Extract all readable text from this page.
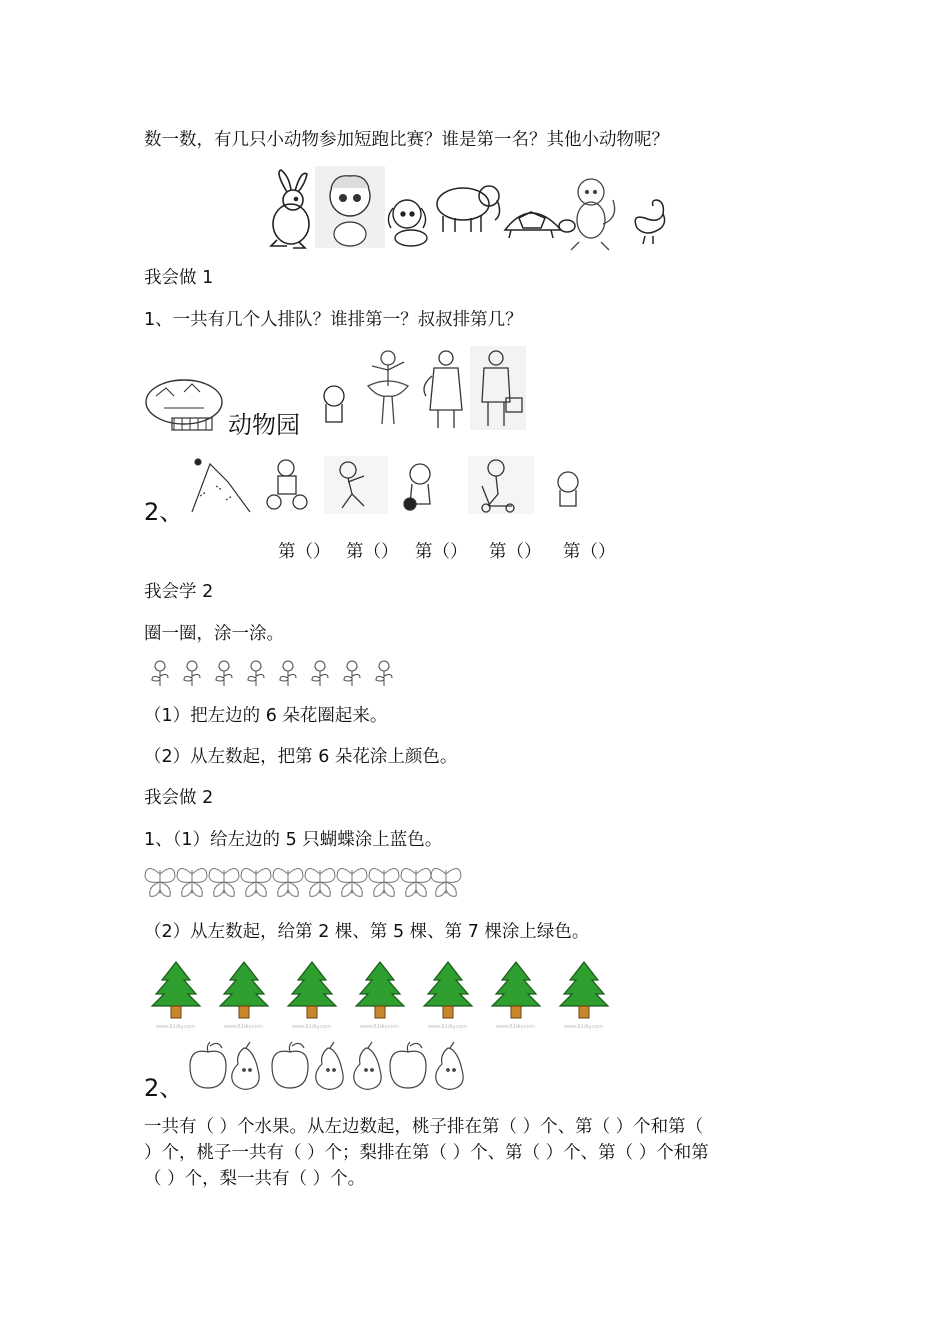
数一数，有几只小动物参加短跑比赛？谁是第一名？其他小动物呢？
我会做 1
1、一共有几个人排队？谁排第一？叔叔排第几？
动物园
2、
第（） 第（） 第（） 第（） 第（）
我会学 2
圈一圈，涂一涂。
（1）把左边的 6 朵花圈起来。
（2）从左数起，把第 6 朵花涂上颜色。
我会做 2
1、（1）给左边的 5 只蝴蝶涂上蓝色。
（2）从左数起，给第 2 棵、第 5 棵、第 7 棵涂上绿色。
www.61diy.com
2、
一共有（ ）个水果。从左边数起，桃子排在第（ ）个、第（ ）个和第（
）个，桃子一共有（ ）个；梨排在第（ ）个、第（ ）个、第（ ）个和第
（ ）个，梨一共有（ ）个。
